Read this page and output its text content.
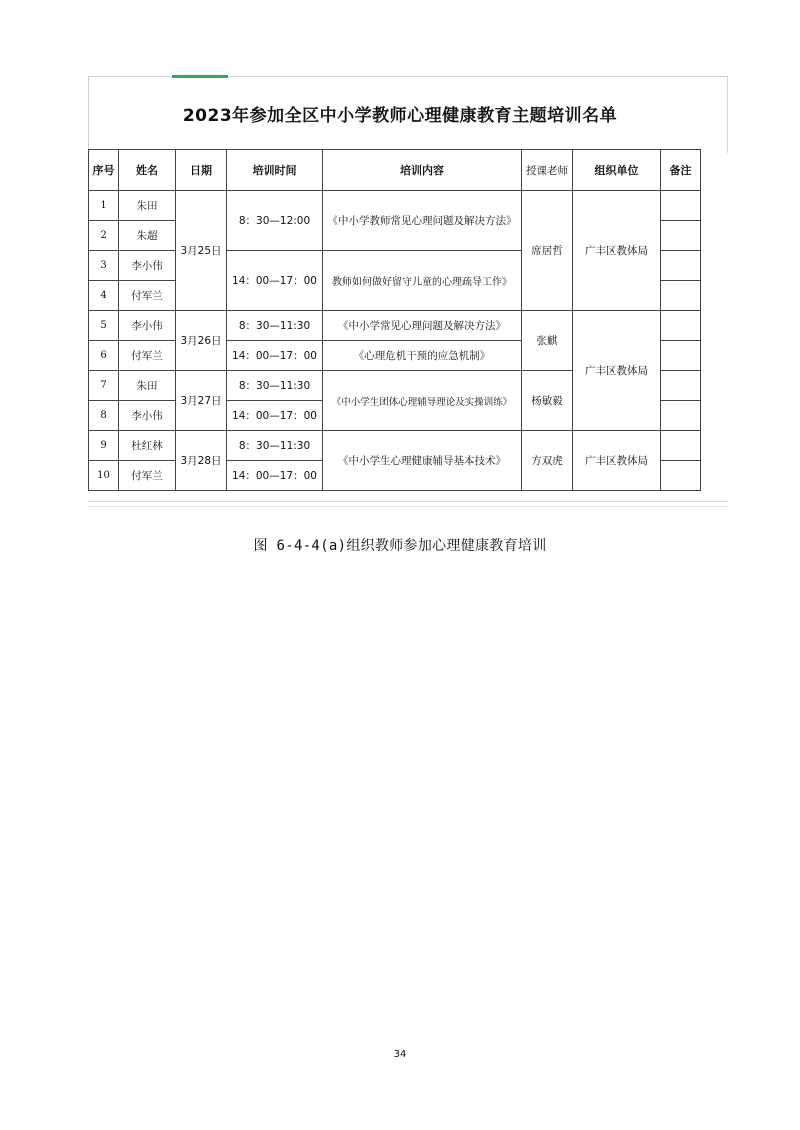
2023年参加全区中小学教师心理健康教育主题培训名单
序号	姓名	日期	培训时间	培训内容	授课老师	组织单位	备注
1	朱田	3月25日	8：30—12:00	《中小学教师常见心理问题及解决方法》	席居哲	广丰区教体局	
2	朱超						
3	李小伟		14：00—17：00	教师如何做好留守儿童的心理疏导工作》			
4	付军兰						
5	李小伟	3月26日	8：30—11:30	《中小学常见心理问题及解决方法》	张麒	广丰区教体局	
6	付军兰		14：00—17：00	《心理危机干预的应急机制》			
7	朱田	3月27日	8：30—11:30	《中小学生团体心理辅导理论及实操训练》	杨敏毅		
8	李小伟		14：00—17：00				
9	杜红林	3月28日	8：30—11:30	《中小学生心理健康辅导基本技术》	方双虎	广丰区教体局	
10	付军兰		14：00—17：00				
图 6-4-4(a)组织教师参加心理健康教育培训
34
